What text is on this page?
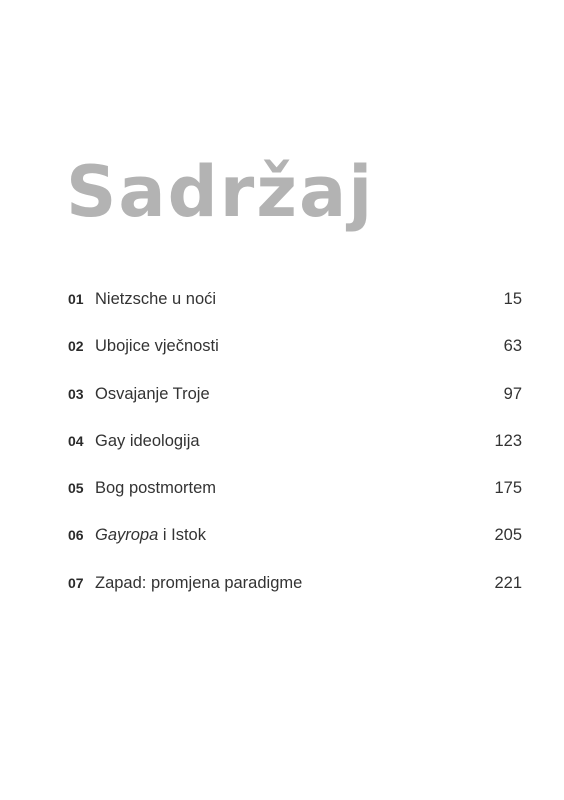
Sadržaj
01 Nietzsche u noći	15
02 Ubojice vječnosti	63
03 Osvajanje Troje	97
04 Gay ideologija	123
05 Bog postmortem	175
06 Gayropa i Istok	205
07 Zapad: promjena paradigme	221
